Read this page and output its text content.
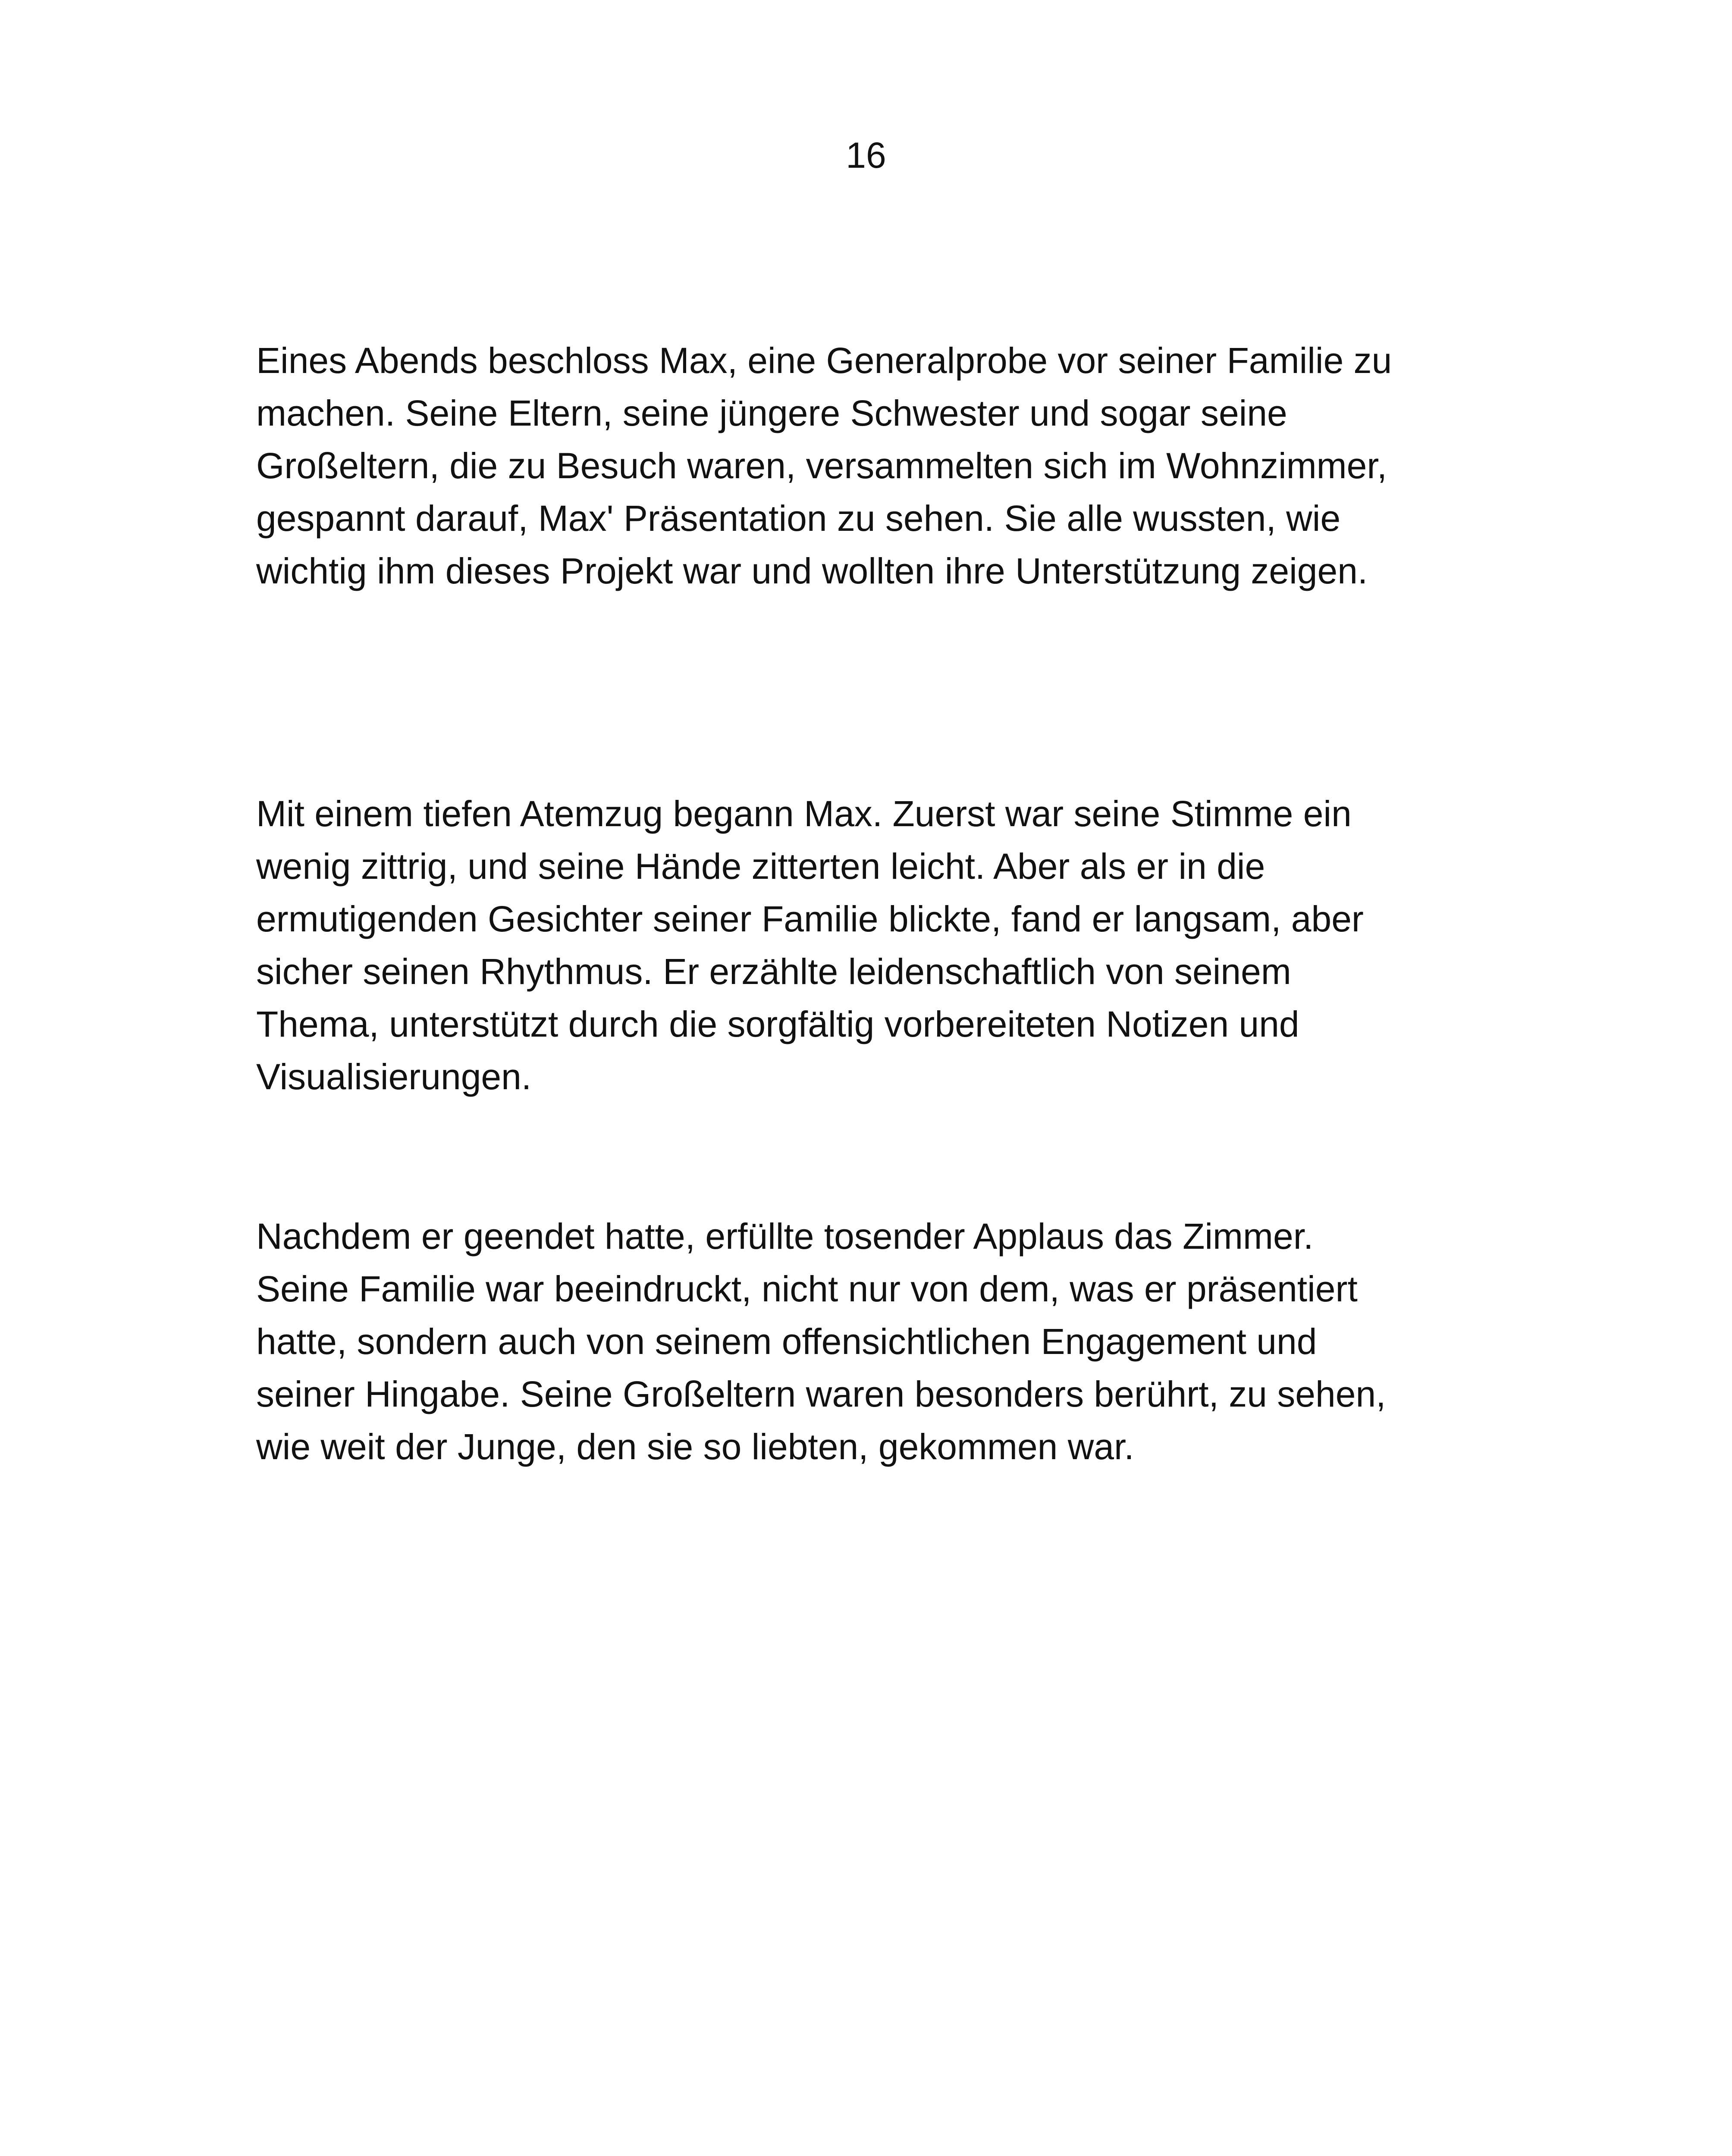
16

Eines Abends beschloss Max, eine Generalprobe vor seiner Familie zu
machen. Seine Eltern, seine jüngere Schwester und sogar seine
Großeltern, die zu Besuch waren, versammelten sich im Wohnzimmer,
gespannt darauf, Max' Präsentation zu sehen. Sie alle wussten, wie
wichtig ihm dieses Projekt war und wollten ihre Unterstützung zeigen.

Mit einem tiefen Atemzug begann Max. Zuerst war seine Stimme ein
wenig zittrig, und seine Hände zitterten leicht. Aber als er in die
ermutigenden Gesichter seiner Familie blickte, fand er langsam, aber
sicher seinen Rhythmus. Er erzählte leidenschaftlich von seinem
Thema, unterstützt durch die sorgfältig vorbereiteten Notizen und
Visualisierungen.

Nachdem er geendet hatte, erfüllte tosender Applaus das Zimmer.
Seine Familie war beeindruckt, nicht nur von dem, was er präsentiert
hatte, sondern auch von seinem offensichtlichen Engagement und
seiner Hingabe. Seine Großeltern waren besonders berührt, zu sehen,
wie weit der Junge, den sie so liebten, gekommen war.
